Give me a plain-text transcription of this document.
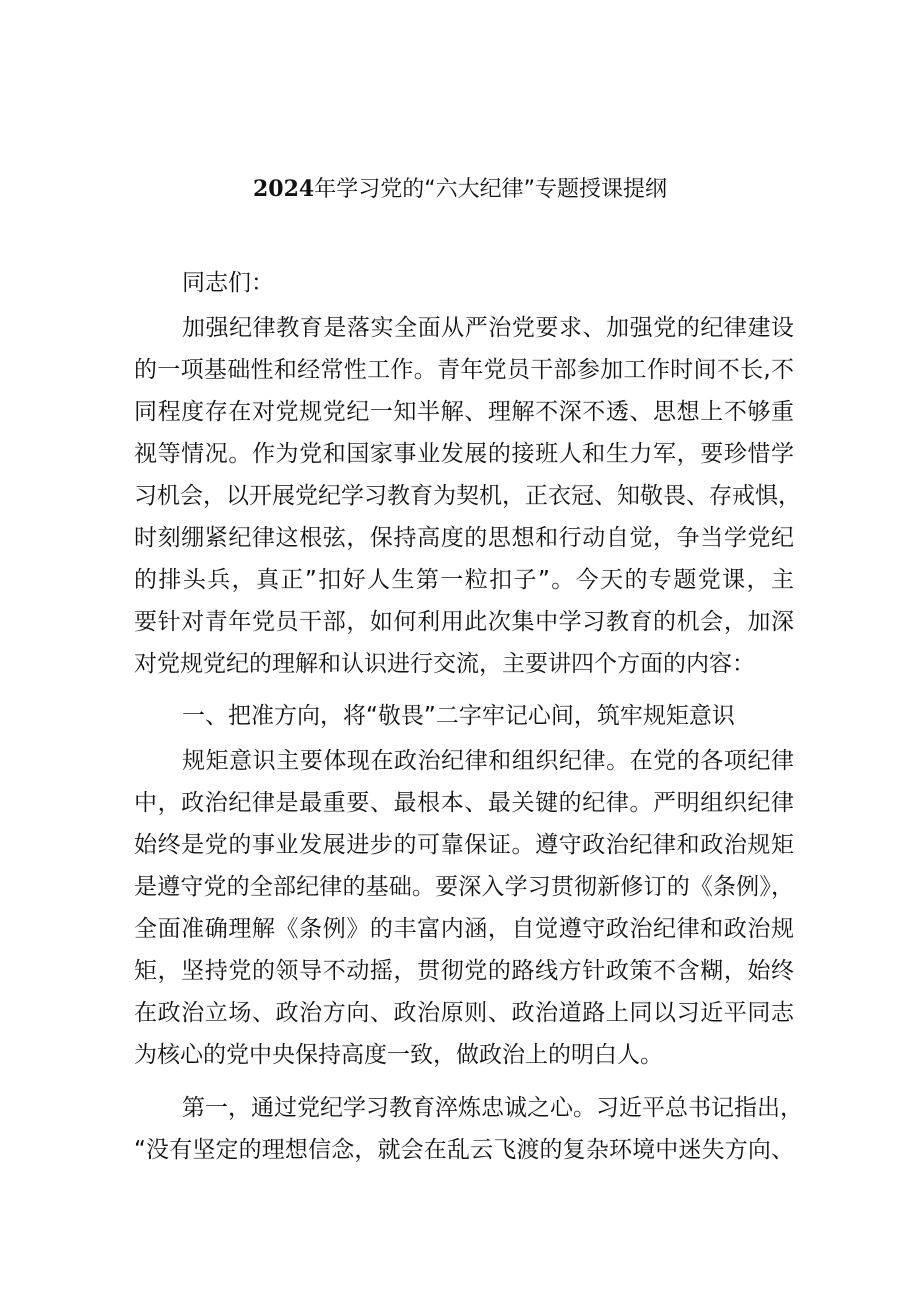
2024年学习党的“六大纪律”专题授课提纲
同志们：
加强纪律教育是落实全面从严治党要求、加强党的纪律建设
的一项基础性和经常性工作。青年党员干部参加工作时间不长,不
同程度存在对党规党纪一知半解、理解不深不透、思想上不够重
视等情况。作为党和国家事业发展的接班人和生力军，要珍惜学
习机会，以开展党纪学习教育为契机，正衣冠、知敬畏、存戒惧，
时刻绷紧纪律这根弦，保持高度的思想和行动自觉，争当学党纪
的排头兵，真正”扣好人生第一粒扣子”。今天的专题党课，主
要针对青年党员干部，如何利用此次集中学习教育的机会，加深
对党规党纪的理解和认识进行交流，主要讲四个方面的内容：
一、把准方向，将“敬畏”二字牢记心间，筑牢规矩意识
规矩意识主要体现在政治纪律和组织纪律。在党的各项纪律
中，政治纪律是最重要、最根本、最关键的纪律。严明组织纪律
始终是党的事业发展进步的可靠保证。遵守政治纪律和政治规矩
是遵守党的全部纪律的基础。要深入学习贯彻新修订的《条例》，
全面准确理解《条例》的丰富内涵，自觉遵守政治纪律和政治规
矩，坚持党的领导不动摇，贯彻党的路线方针政策不含糊，始终
在政治立场、政治方向、政治原则、政治道路上同以习近平同志
为核心的党中央保持高度一致，做政治上的明白人。
第一，通过党纪学习教育淬炼忠诚之心。习近平总书记指出，
“没有坚定的理想信念，就会在乱云飞渡的复杂环境中迷失方向、
